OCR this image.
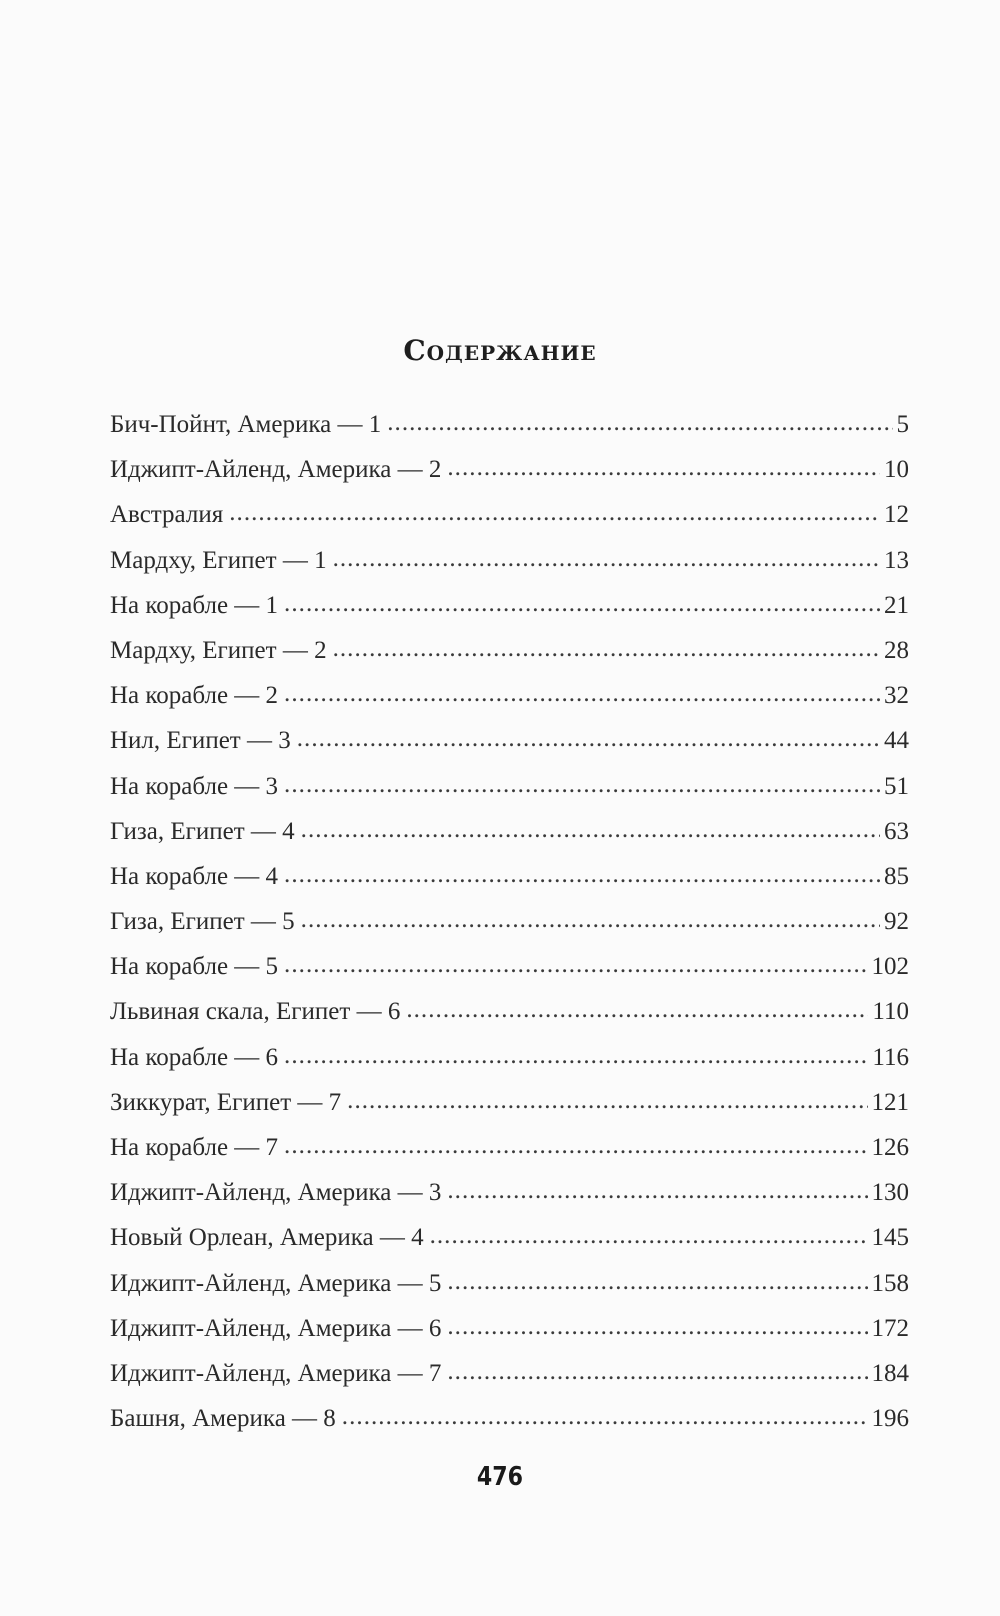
Содержание
Бич-Пойнт, Америка — 1 . . .	5
Иджипт-Айленд, Америка — 2 . . .	10
Австралия . . .	12
Мардху, Египет — 1 . . .	13
На корабле — 1 . . .	21
Мардху, Египет — 2 . . .	28
На корабле — 2 . . .	32
Нил, Египет — 3 . . .	44
На корабле — 3 . . .	51
Гиза, Египет — 4 . . .	63
На корабле — 4 . . .	85
Гиза, Египет — 5 . . .	92
На корабле — 5 . . .	102
Львиная скала, Египет — 6 . . .	110
На корабле — 6 . . .	116
Зиккурат, Египет — 7 . . .	121
На корабле — 7 . . .	126
Иджипт-Айленд, Америка — 3 . . .	130
Новый Орлеан, Америка — 4 . . .	145
Иджипт-Айленд, Америка — 5 . . .	158
Иджипт-Айленд, Америка — 6 . . .	172
Иджипт-Айленд, Америка — 7 . . .	184
Башня, Америка — 8 . . .	196
476
